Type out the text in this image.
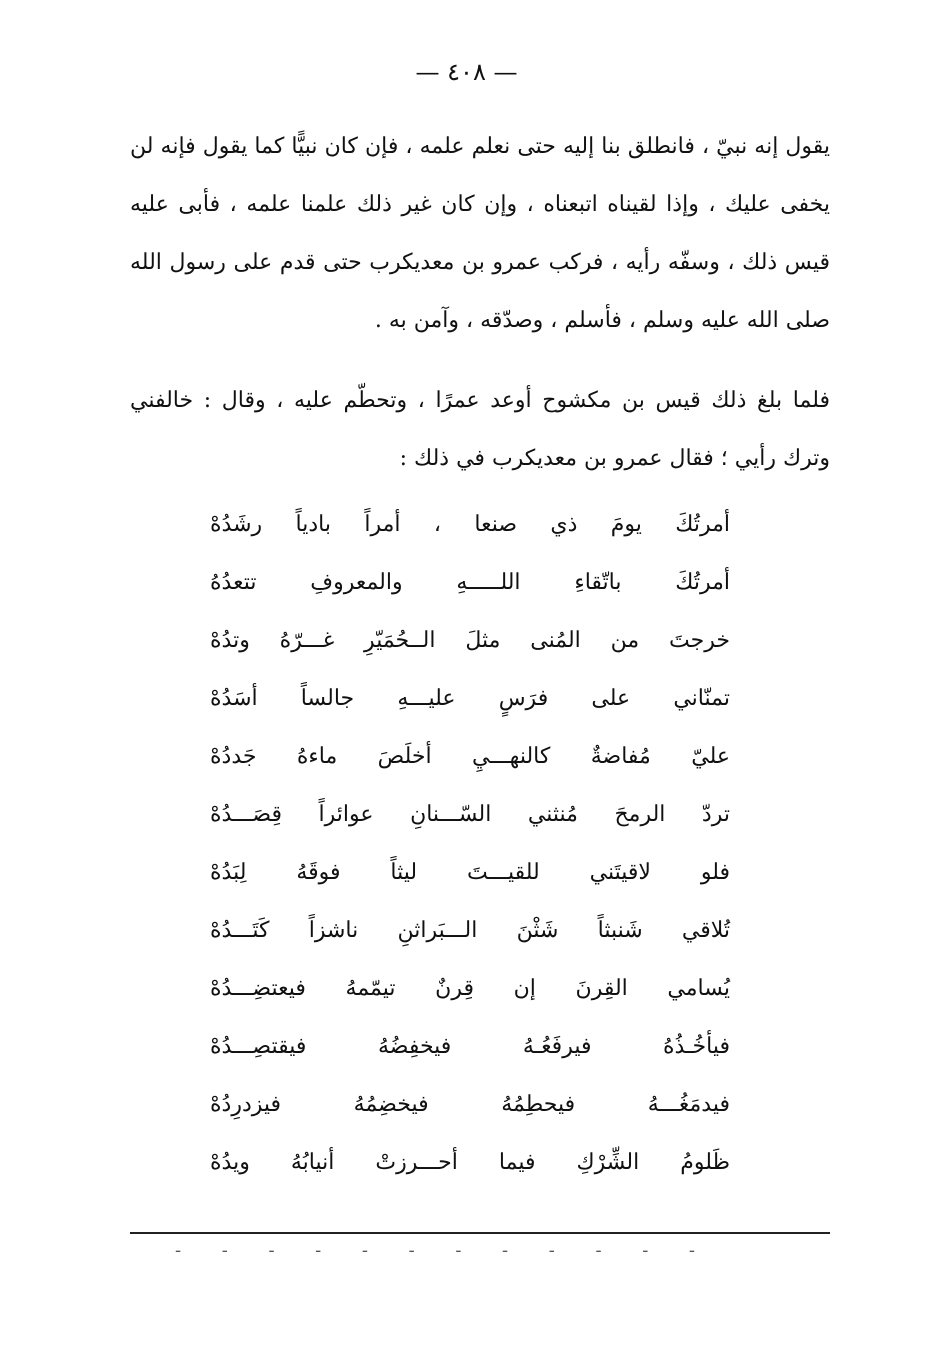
— ٤٠٨ —
يقول إنه نبيّ ، فانطلق بنا إليه حتى نعلم علمه ، فإن كان نبيًّا كما يقول فإنه لن يخفى عليك ، وإذا لقيناه اتبعناه ، وإن كان غير ذلك علمنا علمه ، فأبى عليه قيس ذلك ، وسفّه رأيه ، فركب عمرو بن معديكرب حتى قدم على رسول الله صلى الله عليه وسلم ، فأسلم ، وصدّقه ، وآمن به .
فلما بلغ ذلك قيس بن مكشوح أوعد عمرًا ، وتحطّم عليه ، وقال : خالفني وترك رأيي ؛ فقال عمرو بن معديكرب في ذلك :
أمرتُكَ يومَ ذي صنعا ، أمراً بادياً رشَدُهْ
أمرتُكَ باتّقاءِ اللـــــهِ والمعروفِ تتعدُهُ
خرجتَ من المُنى مثلَ الــحُمَيّرِ غـــرّهُ وتدُهْ
تمنّاني على فرَسٍ عليـــهِ جالساً أسَدُهْ
عليّ مُفاضةٌ كالنهـــيِ أخلَصَ ماءهُ جَددُهْ
تردّ الرمحَ مُنثني السّـــنانِ عوائراً قِصَـــدُهْ
فلو لاقيتَني للقيـــتَ ليثاً فوقَهُ لِبَدُهْ
تُلاقي شَنبثاً شَثْنَ الـــبَراثنِ ناشزاً كَتَـــدُهْ
يُسامي القِرنَ إن قِرنٌ تيمّمهُ فيعتضِـــدُهْ
فيأخُـذُهُ فيرفَعُـهُ فيخفِضُهُ فيقتصِـــدُهْ
فيدمَغُـــهُ فيحطِمُهُ فيخضِمُهُ فيزدرِدُهْ
ظَلومُ الشِّرْكِ فيما أحـــرزتْ أنيابُهُ ويدُهْ
- - - - - - - - - - - -
